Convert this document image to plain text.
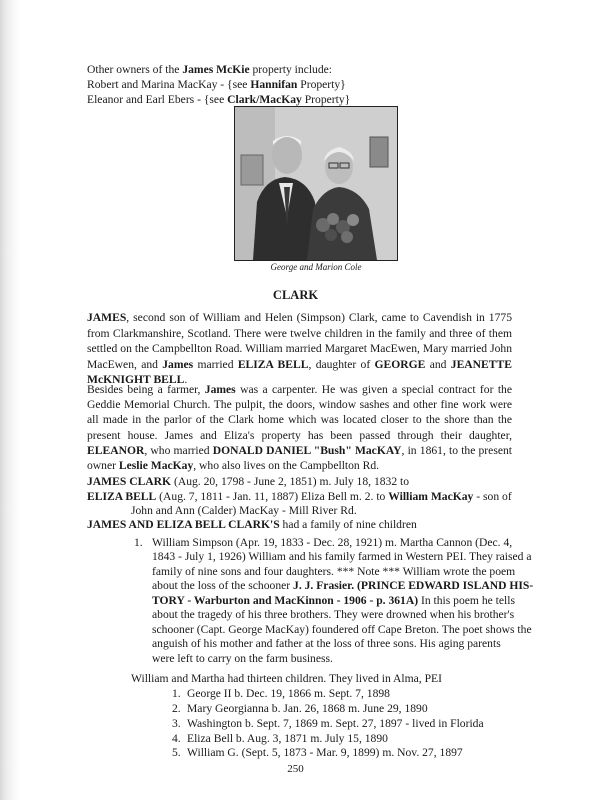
Other owners of the James McKie property include:
Robert and Marina MacKay - {see Hannifan Property}
Eleanor and Earl Ebers - {see Clark/MacKay Property}
George and Marion Cole
CLARK
JAMES, second son of William and Helen (Simpson) Clark, came to Cavendish in 1775 from Clarkmanshire, Scotland. There were twelve children in the family and three of them settled on the Campbellton Road. William married Margaret MacEwen, Mary married John MacEwen, and James married ELIZA BELL, daughter of GEORGE and JEANETTE McKNIGHT BELL.
Besides being a farmer, James was a carpenter. He was given a special contract for the Geddie Memorial Church. The pulpit, the doors, window sashes and other fine work were all made in the parlor of the Clark home which was located closer to the shore than the present house. James and Eliza's property has been passed through their daughter, ELEANOR, who married DONALD DANIEL "Bush" MacKAY, in 1861, to the present owner Leslie MacKay, who also lives on the Campbellton Rd.
JAMES CLARK (Aug. 20, 1798 - June 2, 1851) m. July 18, 1832 to
ELIZA BELL (Aug. 7, 1811 - Jan. 11, 1887) Eliza Bell m. 2. to William MacKay - son of
John and Ann (Calder) MacKay - Mill River Rd.
JAMES AND ELIZA BELL CLARK'S had a family of nine children
1. William Simpson (Apr. 19, 1833 - Dec. 28, 1921) m. Martha Cannon (Dec. 4,
1843 - July 1, 1926) William and his family farmed in Western PEI. They raised a
family of nine sons and four daughters. *** Note *** William wrote the poem
about the loss of the schooner J. J. Frasier. (PRINCE EDWARD ISLAND HIS-
TORY - Warburton and MacKinnon - 1906 - p. 361A) In this poem he tells
about the tragedy of his three brothers. They were drowned when his brother's
schooner (Capt. George MacKay) foundered off Cape Breton. The poet shows the
anguish of his mother and father at the loss of three sons. His aging parents
were left to carry on the farm business.
William and Martha had thirteen children. They lived in Alma, PEI
1. George II b. Dec. 19, 1866 m. Sept. 7, 1898
2. Mary Georgianna b. Jan. 26, 1868 m. June 29, 1890
3. Washington b. Sept. 7, 1869 m. Sept. 27, 1897 - lived in Florida
4. Eliza Bell b. Aug. 3, 1871 m. July 15, 1890
5. William G. (Sept. 5, 1873 - Mar. 9, 1899) m. Nov. 27, 1897
250
